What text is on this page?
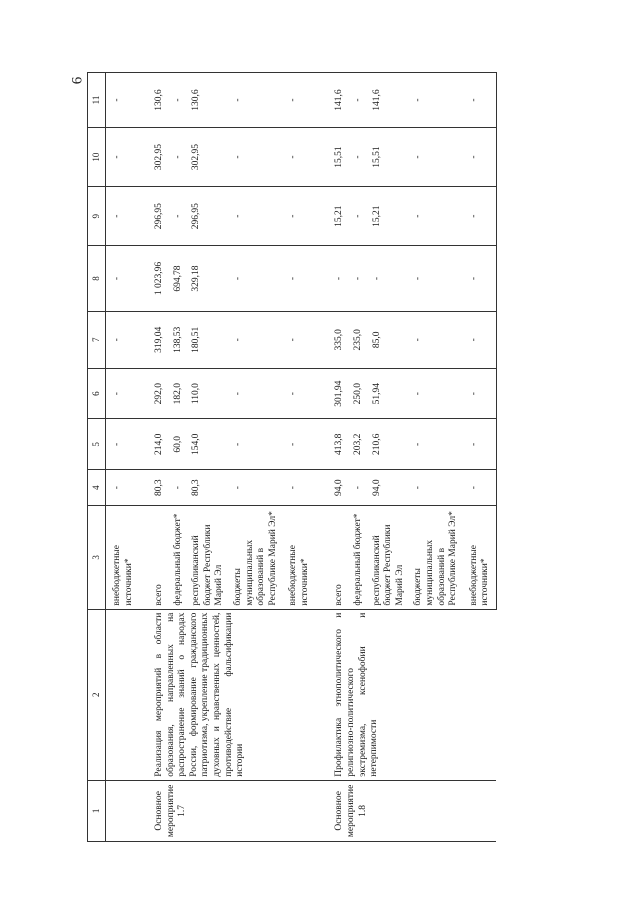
6
1	2	3	4	5	6	7	8	9	10	11
		внебюджетные источники*	-	-	-	-	-	-	-	-
Основное мероприятие 1.7	Реализация мероприятий в области образования, направленных на распространение знаний о народах России, формирование гражданского патриотизма, укрепление традиционных духовных и нравственных ценностей, противодействие фальсификации истории	всего	80,3	214,0	292,0	319,04	1 023,96	296,95	302,95	130,6
		федеральный бюджет*	-	60,0	182,0	138,53	694,78	-	-	-
		республиканский бюджет Республики Марий Эл	80,3	154,0	110,0	180,51	329,18	296,95	302,95	130,6
		бюджеты муниципальных образований в Республике Марий Эл*	-	-	-	-	-	-	-	-
		внебюджетные источники*	-	-	-	-	-	-	-	-
Основное мероприятие 1.8	Профилактика этнополитического и религиозно-политического экстремизма, ксенофобии и нетерпимости	всего	94,0	413,8	301,94	335,0	-	15,21	15,51	141,6
		федеральный бюджет*	-	203,2	250,0	235,0	-	-	-	-
		республиканский бюджет Республики Марий Эл	94,0	210,6	51,94	85,0	-	15,21	15,51	141,6
		бюджеты муниципальных образований в Республике Марий Эл*	-	-	-	-	-	-	-	-
		внебюджетные источники*	-	-	-	-	-	-	-	-
